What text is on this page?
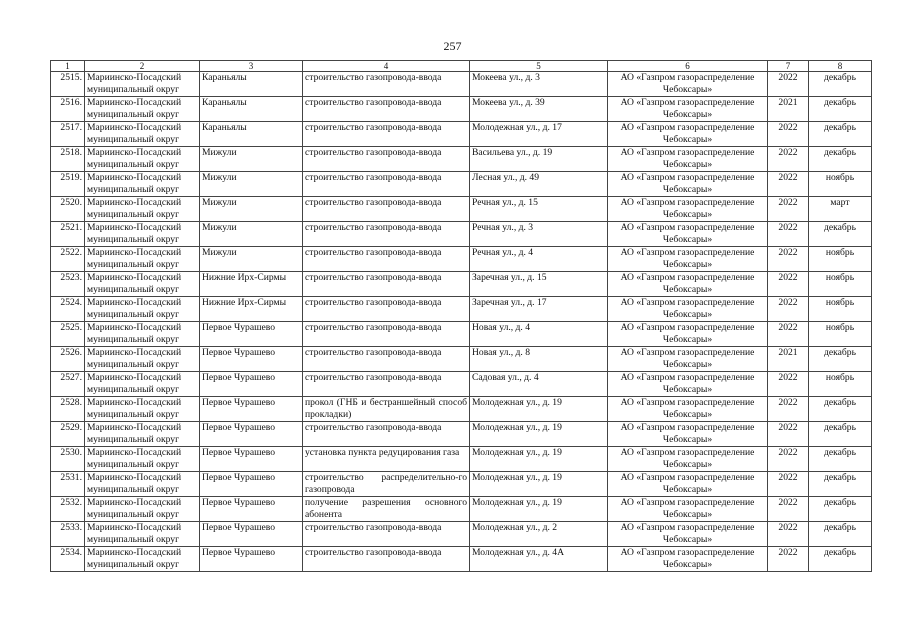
257
1	2	3	4	5	6	7	8
2515.	Мариинско-Посадский муниципальный округ	Караньялы	строительство газопровода-ввода	Мокеева ул., д. 3	АО «Газпром газораспределение Чебоксары»	2022	декабрь
2516.	Мариинско-Посадский муниципальный округ	Караньялы	строительство газопровода-ввода	Мокеева ул., д. 39	АО «Газпром газораспределение Чебоксары»	2021	декабрь
2517.	Мариинско-Посадский муниципальный округ	Караньялы	строительство газопровода-ввода	Молодежная ул., д. 17	АО «Газпром газораспределение Чебоксары»	2022	декабрь
2518.	Мариинско-Посадский муниципальный округ	Мижули	строительство газопровода-ввода	Васильева ул., д. 19	АО «Газпром газораспределение Чебоксары»	2022	декабрь
2519.	Мариинско-Посадский муниципальный округ	Мижули	строительство газопровода-ввода	Лесная ул., д. 49	АО «Газпром газораспределение Чебоксары»	2022	ноябрь
2520.	Мариинско-Посадский муниципальный округ	Мижули	строительство газопровода-ввода	Речная ул., д. 15	АО «Газпром газораспределение Чебоксары»	2022	март
2521.	Мариинско-Посадский муниципальный округ	Мижули	строительство газопровода-ввода	Речная ул., д. 3	АО «Газпром газораспределение Чебоксары»	2022	декабрь
2522.	Мариинско-Посадский муниципальный округ	Мижули	строительство газопровода-ввода	Речная ул., д. 4	АО «Газпром газораспределение Чебоксары»	2022	ноябрь
2523.	Мариинско-Посадский муниципальный округ	Нижние Ирх-Сирмы	строительство газопровода-ввода	Заречная ул., д. 15	АО «Газпром газораспределение Чебоксары»	2022	ноябрь
2524.	Мариинско-Посадский муниципальный округ	Нижние Ирх-Сирмы	строительство газопровода-ввода	Заречная ул., д. 17	АО «Газпром газораспределение Чебоксары»	2022	ноябрь
2525.	Мариинско-Посадский муниципальный округ	Первое Чурашево	строительство газопровода-ввода	Новая ул., д. 4	АО «Газпром газораспределение Чебоксары»	2022	ноябрь
2526.	Мариинско-Посадский муниципальный округ	Первое Чурашево	строительство газопровода-ввода	Новая ул., д. 8	АО «Газпром газораспределение Чебоксары»	2021	декабрь
2527.	Мариинско-Посадский муниципальный округ	Первое Чурашево	строительство газопровода-ввода	Садовая ул., д. 4	АО «Газпром газораспределение Чебоксары»	2022	ноябрь
2528.	Мариинско-Посадский муниципальный округ	Первое Чурашево	прокол (ГНБ и бестраншейный способ прокладки)	Молодежная ул., д. 19	АО «Газпром газораспределение Чебоксары»	2022	декабрь
2529.	Мариинско-Посадский муниципальный округ	Первое Чурашево	строительство газопровода-ввода	Молодежная ул., д. 19	АО «Газпром газораспределение Чебоксары»	2022	декабрь
2530.	Мариинско-Посадский муниципальный округ	Первое Чурашево	установка пункта редуцирования газа	Молодежная ул., д. 19	АО «Газпром газораспределение Чебоксары»	2022	декабрь
2531.	Мариинско-Посадский муниципальный округ	Первое Чурашево	строительство распределительно-го газопровода	Молодежная ул., д. 19	АО «Газпром газораспределение Чебоксары»	2022	декабрь
2532.	Мариинско-Посадский муниципальный округ	Первое Чурашево	получение разрешения основного абонента	Молодежная ул., д. 19	АО «Газпром газораспределение Чебоксары»	2022	декабрь
2533.	Мариинско-Посадский муниципальный округ	Первое Чурашево	строительство газопровода-ввода	Молодежная ул., д. 2	АО «Газпром газораспределение Чебоксары»	2022	декабрь
2534.	Мариинско-Посадский муниципальный округ	Первое Чурашево	строительство газопровода-ввода	Молодежная ул., д. 4А	АО «Газпром газораспределение Чебоксары»	2022	декабрь
